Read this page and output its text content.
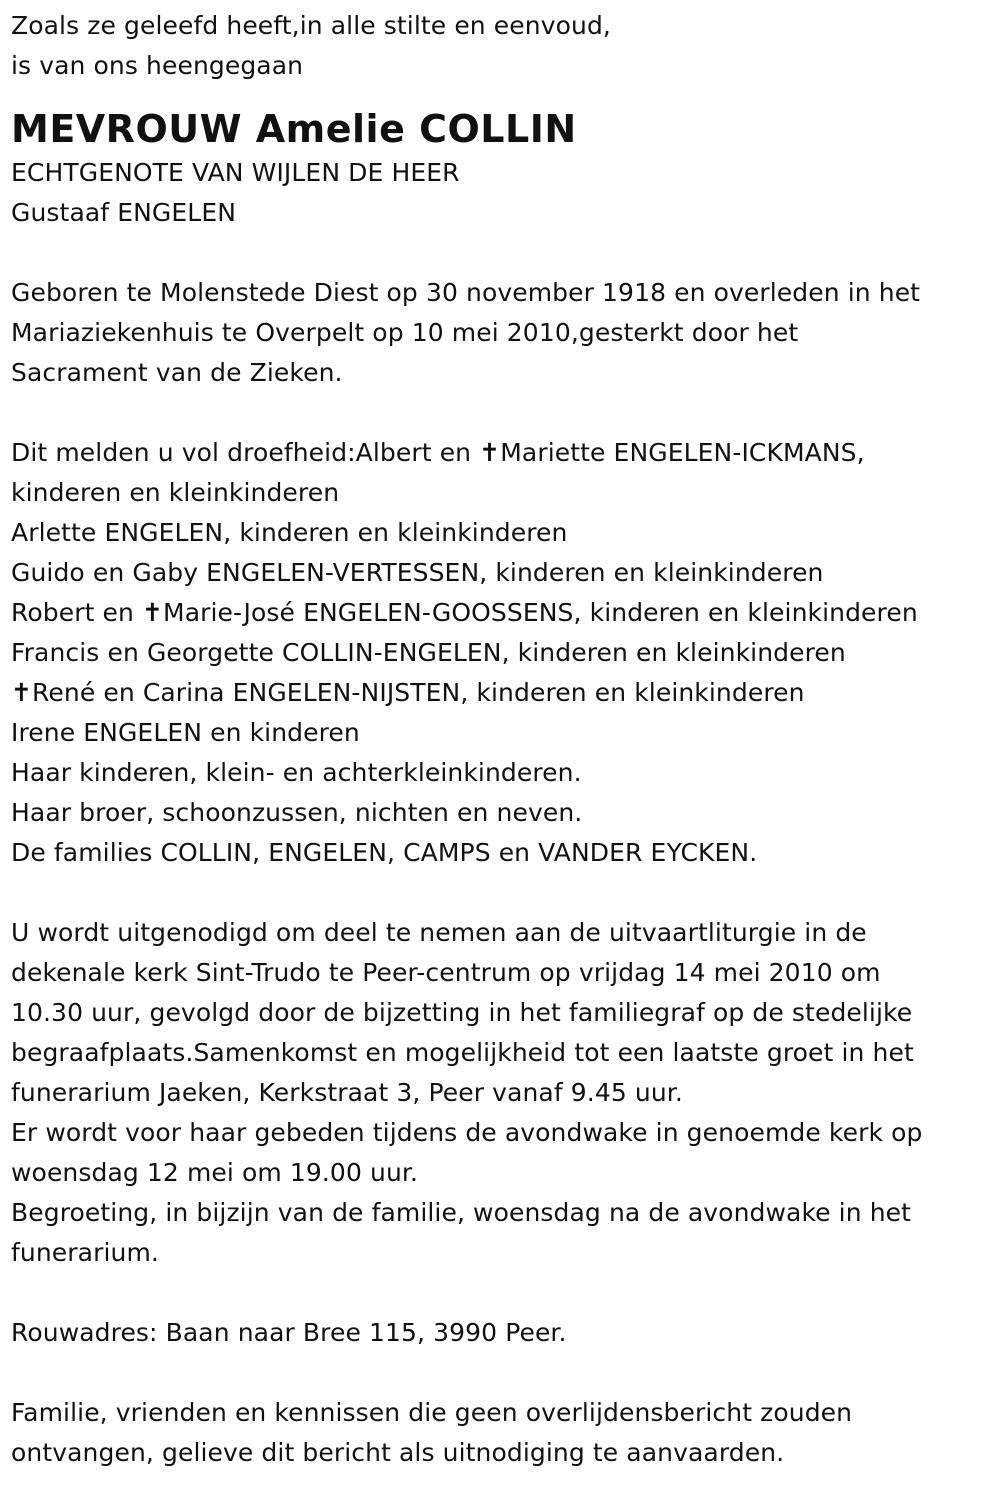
Zoals ze geleefd heeft,in alle stilte en eenvoud,
is van ons heengegaan
MEVROUW Amelie COLLIN
ECHTGENOTE VAN WIJLEN DE HEER
Gustaaf ENGELEN
Geboren te Molenstede Diest op 30 november 1918 en overleden in het
Mariaziekenhuis te Overpelt op 10 mei 2010,gesterkt door het
Sacrament van de Zieken.
Dit melden u vol droefheid:Albert en ✝Mariette ENGELEN-ICKMANS,
kinderen en kleinkinderen
Arlette ENGELEN, kinderen en kleinkinderen
Guido en Gaby ENGELEN-VERTESSEN, kinderen en kleinkinderen
Robert en ✝Marie-José ENGELEN-GOOSSENS, kinderen en kleinkinderen
Francis en Georgette COLLIN-ENGELEN, kinderen en kleinkinderen
✝René en Carina ENGELEN-NIJSTEN, kinderen en kleinkinderen
Irene ENGELEN en kinderen
Haar kinderen, klein- en achterkleinkinderen.
Haar broer, schoonzussen, nichten en neven.
De families COLLIN, ENGELEN, CAMPS en VANDER EYCKEN.
U wordt uitgenodigd om deel te nemen aan de uitvaartliturgie in de
dekenale kerk Sint-Trudo te Peer-centrum op vrijdag 14 mei 2010 om
10.30 uur, gevolgd door de bijzetting in het familiegraf op de stedelijke
begraafplaats.Samenkomst en mogelijkheid tot een laatste groet in het
funerarium Jaeken, Kerkstraat 3, Peer vanaf 9.45 uur.
Er wordt voor haar gebeden tijdens de avondwake in genoemde kerk op
woensdag 12 mei om 19.00 uur.
Begroeting, in bijzijn van de familie, woensdag na de avondwake in het
funerarium.
Rouwadres: Baan naar Bree 115, 3990 Peer.
Familie, vrienden en kennissen die geen overlijdensbericht zouden
ontvangen, gelieve dit bericht als uitnodiging te aanvaarden.
